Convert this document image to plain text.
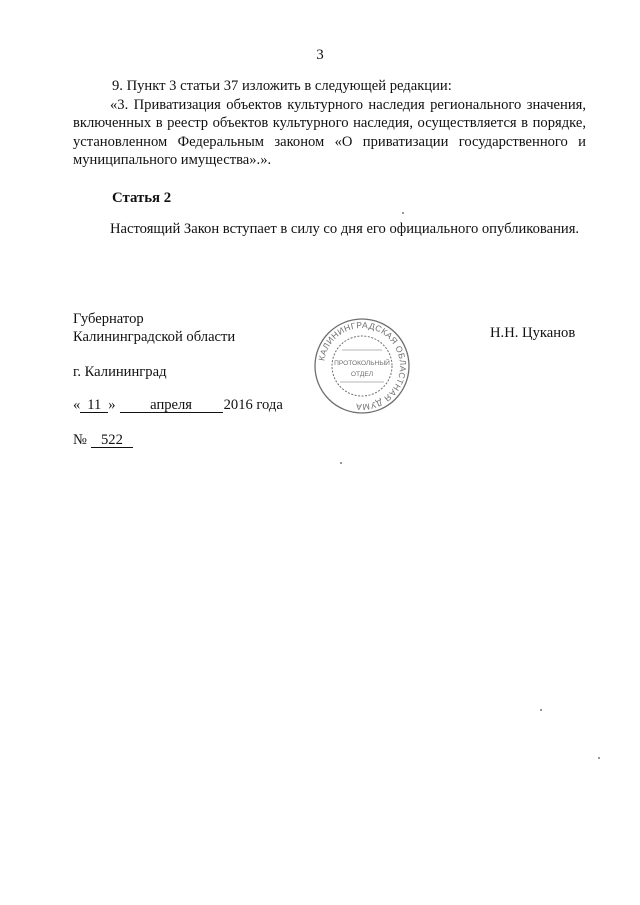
3
9. Пункт 3 статьи 37 изложить в следующей редакции:

«3. Приватизация объектов культурного наследия регионального значения, включенных в реестр объектов культурного наследия, осуществляется в порядке, установленном Федеральным законом «О приватизации государственного и муниципального имущества».».

Статья 2

Настоящий Закон вступает в силу со дня его официального опубликования.

Губернатор
Калининградской области	Н.Н. Цуканов
г. Калининград
« 11 » апреля 2016 года
№ 522
КАЛИНИНГРАДСКАЯ ОБЛАСТНАЯ ДУМА
ПРОТОКОЛЬНЫЙ
ОТДЕЛ
